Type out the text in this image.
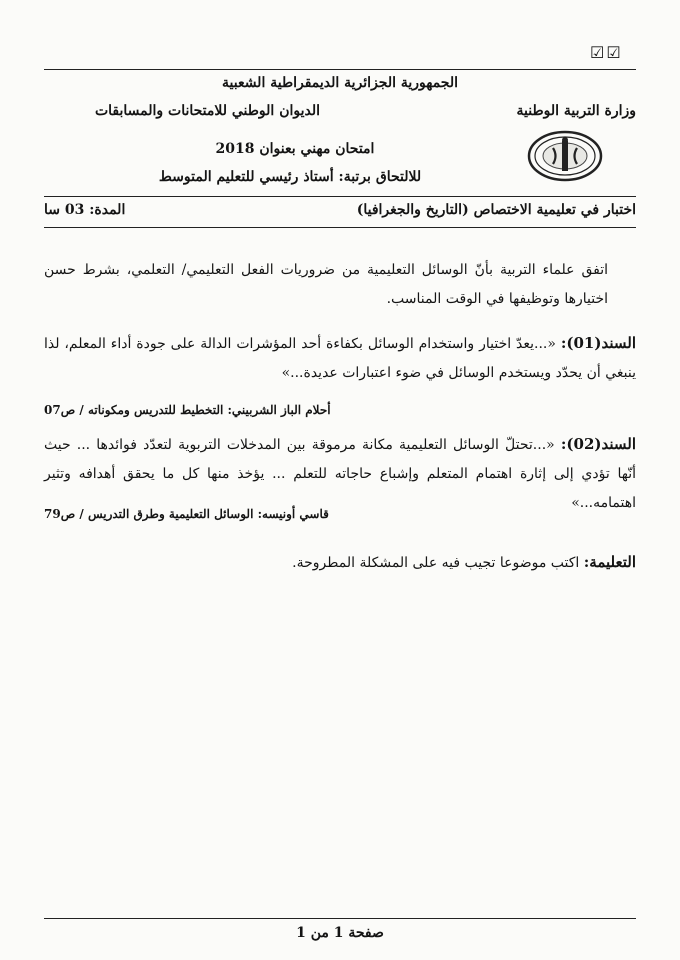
☑☑
الجمهورية الجزائرية الديمقراطية الشعبية
وزارة التربية الوطنية
الديوان الوطني للامتحانات والمسابقات
امتحان مهني بعنوان 2018
للالتحاق برتبة: أستاذ رئيسي للتعليم المتوسط
اختبار في تعليمية الاختصاص (التاريخ والجغرافيا)
المدة: 03 سا
اتفق علماء التربية بأنّ الوسائل التعليمية من ضروريات الفعل التعليمي/ التعلمي، بشرط حسن اختيارها وتوظيفها في الوقت المناسب.
السند(01): «...يعدّ اختيار واستخدام الوسائل بكفاءة أحد المؤشرات الدالة على جودة أداء المعلم، لذا ينبغي أن يحدّد ويستخدم الوسائل في ضوء اعتبارات عديدة...»
أحلام الباز الشربيني: التخطيط للتدريس ومكوناته / ص07
السند(02): «...تحتلّ الوسائل التعليمية مكانة مرموقة بين المدخلات التربوية لتعدّد فوائدها ... حيث أنّها تؤدي إلى إثارة اهتمام المتعلم وإشباع حاجاته للتعلم ... يؤخذ منها كل ما يحقق أهدافه وتثير اهتمامه...»
قاسي أونيسه: الوسائل التعليمية وطرق التدريس / ص79
التعليمة: اكتب موضوعا تجيب فيه على المشكلة المطروحة.
صفحة 1 من 1
